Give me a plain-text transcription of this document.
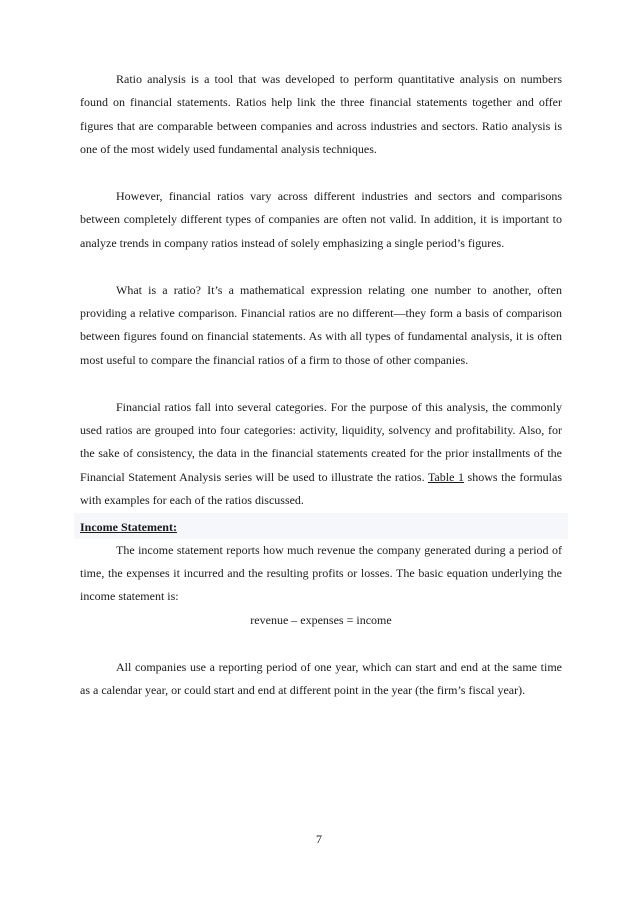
Ratio analysis is a tool that was developed to perform quantitative analysis on numbers found on financial statements. Ratios help link the three financial statements together and offer figures that are comparable between companies and across industries and sectors. Ratio analysis is one of the most widely used fundamental analysis techniques.

However, financial ratios vary across different industries and sectors and comparisons between completely different types of companies are often not valid. In addition, it is important to analyze trends in company ratios instead of solely emphasizing a single period’s figures.

What is a ratio? It’s a mathematical expression relating one number to another, often providing a relative comparison. Financial ratios are no different—they form a basis of comparison between figures found on financial statements. As with all types of fundamental analysis, it is often most useful to compare the financial ratios of a firm to those of other companies.

Financial ratios fall into several categories. For the purpose of this analysis, the commonly used ratios are grouped into four categories: activity, liquidity, solvency and profitability. Also, for the sake of consistency, the data in the financial statements created for the prior installments of the Financial Statement Analysis series will be used to illustrate the ratios. Table 1 shows the formulas with examples for each of the ratios discussed.

Income Statement:

The income statement reports how much revenue the company generated during a period of time, the expenses it incurred and the resulting profits or losses. The basic equation underlying the income statement is:

revenue – expenses = income

All companies use a reporting period of one year, which can start and end at the same time as a calendar year, or could start and end at different point in the year (the firm’s fiscal year).

7
